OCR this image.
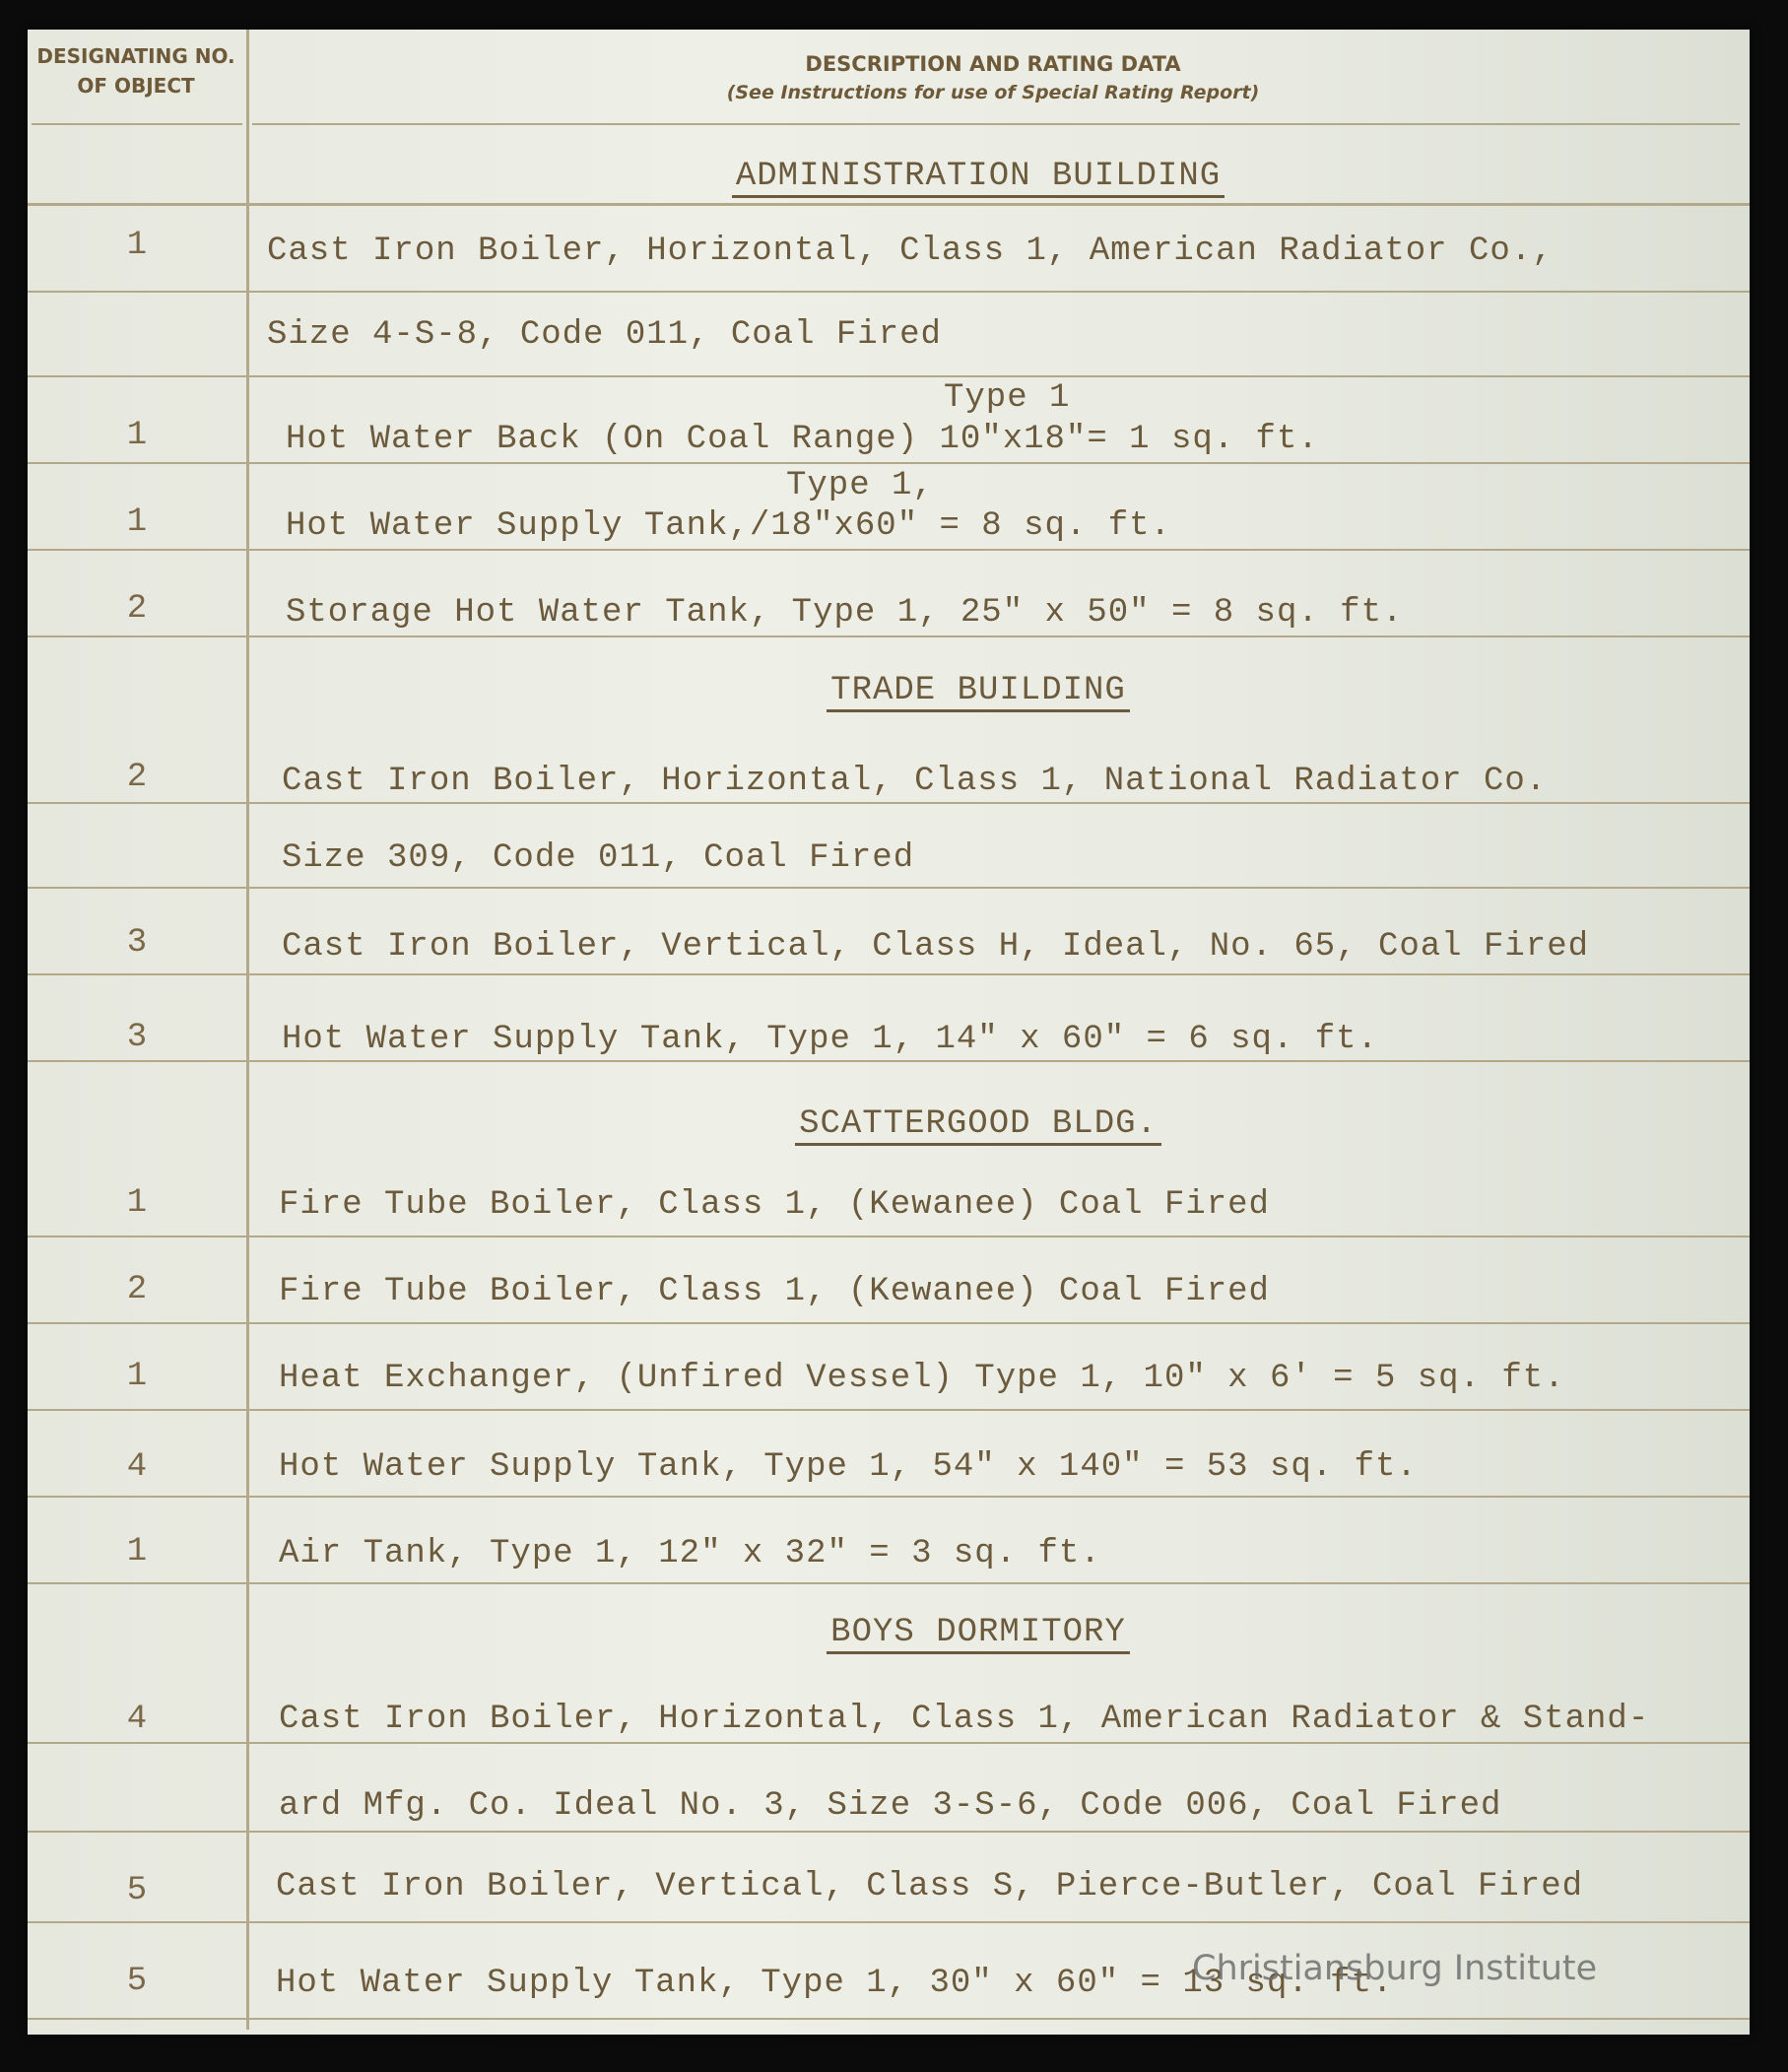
DESIGNATING NO. OF OBJECT
DESCRIPTION AND RATING DATA
(See Instructions for use of Special Rating Report)
ADMINISTRATION BUILDING
1	Cast Iron Boiler, Horizontal, Class 1, American Radiator Co.,
Size 4-S-8, Code 011, Coal Fired
Type 1
1	Hot Water Back (On Coal Range) 10"x18"= 1 sq. ft.
Type 1,
1	Hot Water Supply Tank,/18"x60" = 8 sq. ft.
2	Storage Hot Water Tank, Type 1, 25" x 50" = 8 sq. ft.
TRADE BUILDING
2	Cast Iron Boiler, Horizontal, Class 1, National Radiator Co.
Size 309, Code 011, Coal Fired
3	Cast Iron Boiler, Vertical, Class H, Ideal, No. 65, Coal Fired
3	Hot Water Supply Tank, Type 1, 14" x 60" = 6 sq. ft.
SCATTERGOOD BLDG.
1	Fire Tube Boiler, Class 1, (Kewanee) Coal Fired
2	Fire Tube Boiler, Class 1, (Kewanee) Coal Fired
1	Heat Exchanger, (Unfired Vessel) Type 1, 10" x 6' = 5 sq. ft.
4	Hot Water Supply Tank, Type 1, 54" x 140" = 53 sq. ft.
1	Air Tank, Type 1, 12" x 32" = 3 sq. ft.
BOYS DORMITORY
4	Cast Iron Boiler, Horizontal, Class 1, American Radiator & Stand-
ard Mfg. Co. Ideal No. 3, Size 3-S-6, Code 006, Coal Fired
5	Cast Iron Boiler, Vertical, Class S, Pierce-Butler, Coal Fired
5	Hot Water Supply Tank, Type 1, 30" x 60" = 13 sq. ft.
Christiansburg Institute
